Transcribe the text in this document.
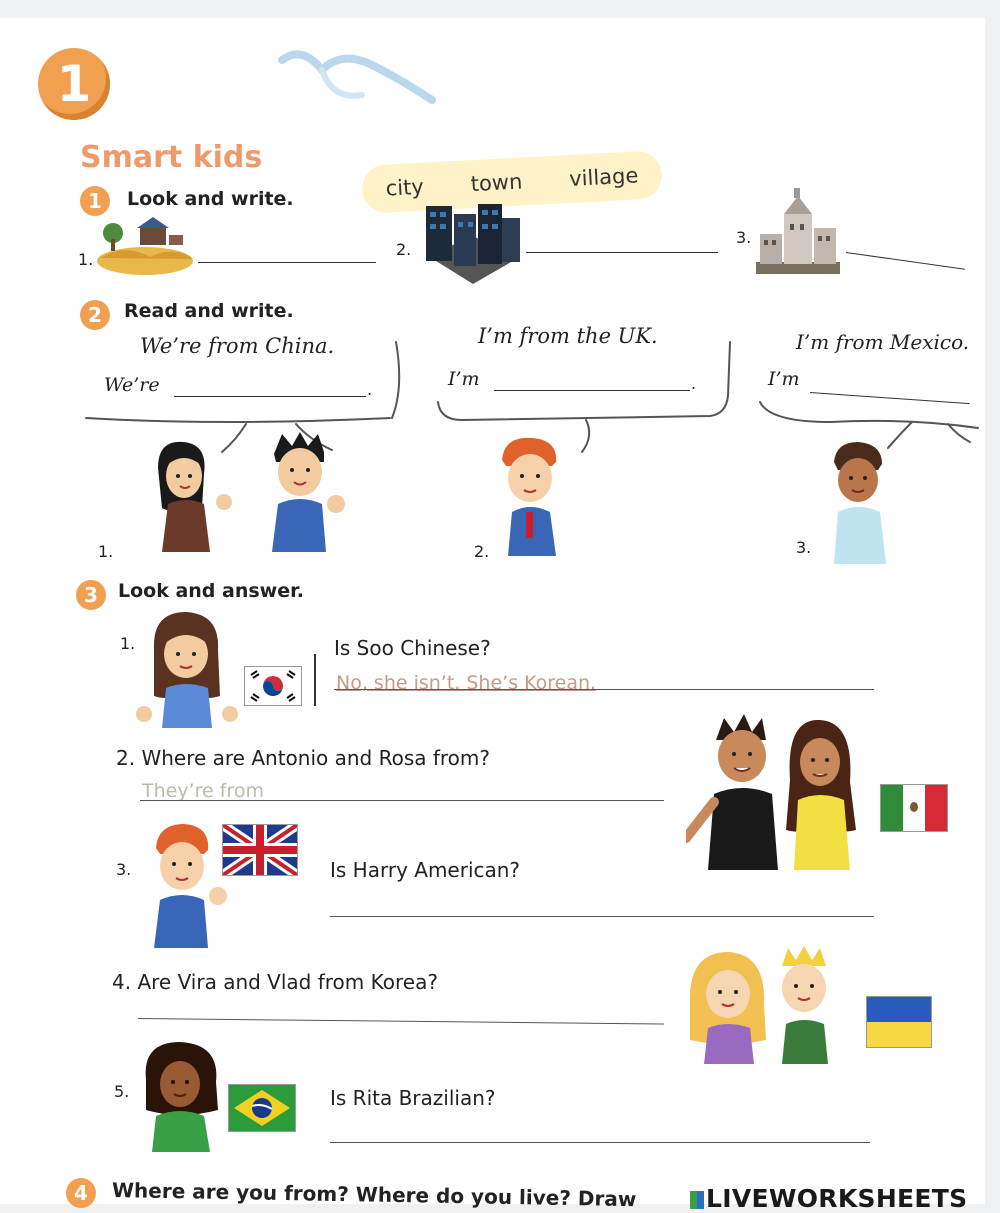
1
Smart kids
1	Look and write.	city town village
1.
2.
3.
2	Read and write.
We’re from China.
We’re	.
I’m from the UK.
I’m	.
I’m from Mexico.
I’m
1.	2.	3.
3	Look and answer.
1.	Is Soo Chinese?
No, she isn’t. She’s Korean.
2. Where are Antonio and Rosa from?
They’re from
3.	Is Harry American?
4. Are Vira and Vlad from Korea?
5.	Is Rita Brazilian?
4	Where are you from? Where do you live? Draw	LIVEWORKSHEETS
